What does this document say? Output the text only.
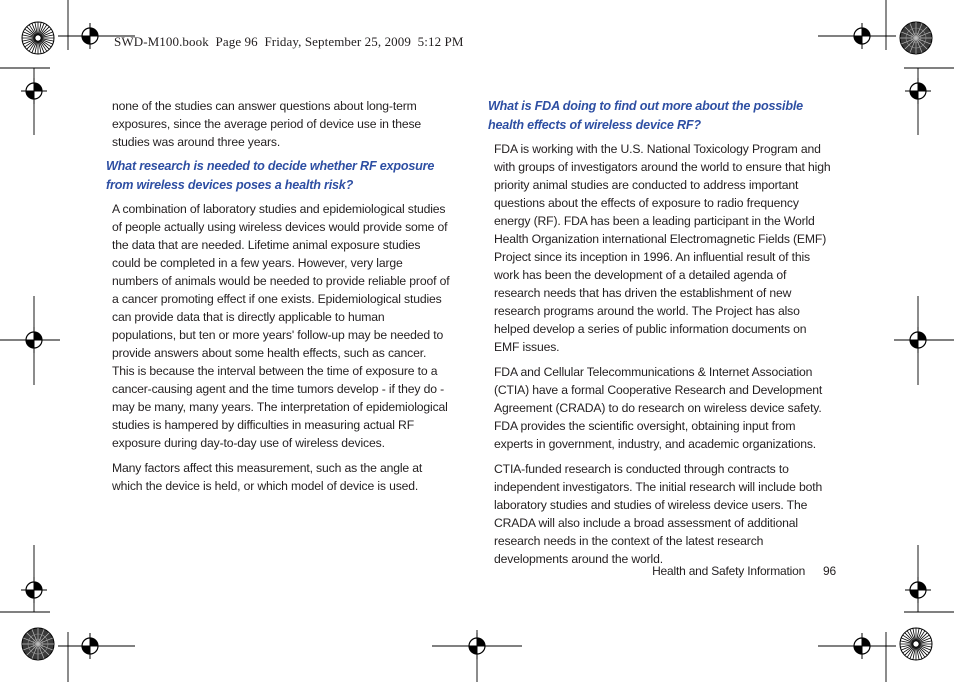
SWD-M100.book  Page 96  Friday, September 25, 2009  5:12 PM

none of the studies can answer questions about long-term exposures, since the average period of device use in these studies was around three years.

What research is needed to decide whether RF exposure from wireless devices poses a health risk?

A combination of laboratory studies and epidemiological studies of people actually using wireless devices would provide some of the data that are needed. Lifetime animal exposure studies could be completed in a few years. However, very large numbers of animals would be needed to provide reliable proof of a cancer promoting effect if one exists. Epidemiological studies can provide data that is directly applicable to human populations, but ten or more years' follow-up may be needed to provide answers about some health effects, such as cancer. This is because the interval between the time of exposure to a cancer-causing agent and the time tumors develop - if they do - may be many, many years. The interpretation of epidemiological studies is hampered by difficulties in measuring actual RF exposure during day-to-day use of wireless devices.

Many factors affect this measurement, such as the angle at which the device is held, or which model of device is used.

What is FDA doing to find out more about the possible health effects of wireless device RF?

FDA is working with the U.S. National Toxicology Program and with groups of investigators around the world to ensure that high priority animal studies are conducted to address important questions about the effects of exposure to radio frequency energy (RF). FDA has been a leading participant in the World Health Organization international Electromagnetic Fields (EMF) Project since its inception in 1996. An influential result of this work has been the development of a detailed agenda of research needs that has driven the establishment of new research programs around the world. The Project has also helped develop a series of public information documents on EMF issues.

FDA and Cellular Telecommunications & Internet Association (CTIA) have a formal Cooperative Research and Development Agreement (CRADA) to do research on wireless device safety. FDA provides the scientific oversight, obtaining input from experts in government, industry, and academic organizations.

CTIA-funded research is conducted through contracts to independent investigators. The initial research will include both laboratory studies and studies of wireless device users. The CRADA will also include a broad assessment of additional research needs in the context of the latest research developments around the world.

Health and Safety Information 96
